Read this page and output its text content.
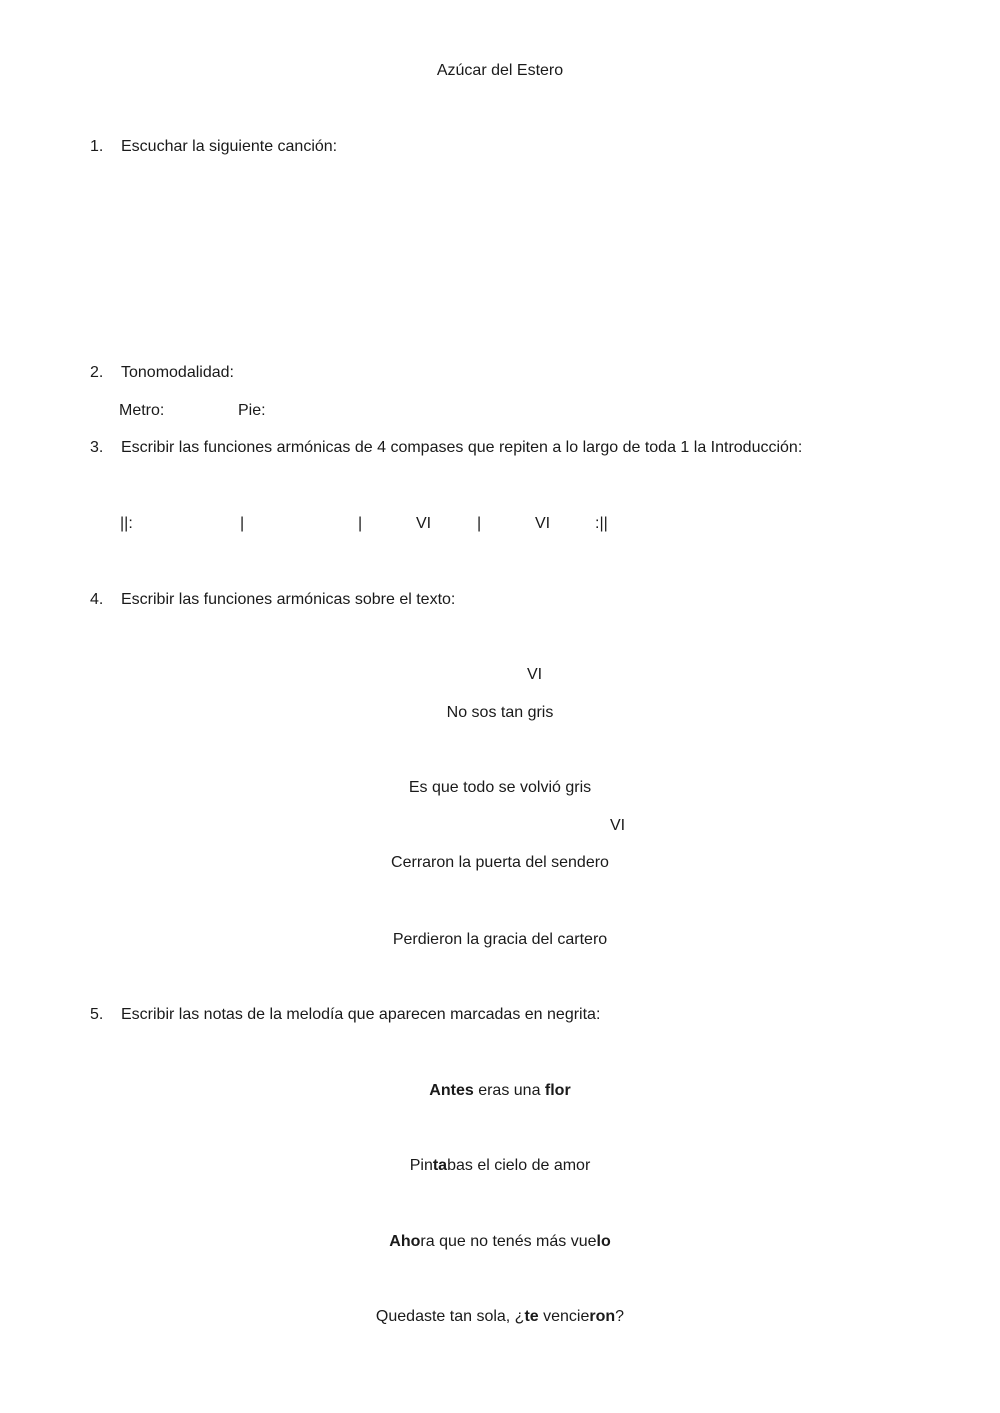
Azúcar del Estero
1. Escuchar la siguiente canción:
2. Tonomodalidad:
Metro:	Pie:
3. Escribir las funciones armónicas de 4 compases que repiten a lo largo de toda 1 la Introducción:
||:	|	|	VI	|	VI	:||
4. Escribir las funciones armónicas sobre el texto:
VI
No sos tan gris
Es que todo se volvió gris
VI
Cerraron la puerta del sendero
Perdieron la gracia del cartero
5. Escribir las notas de la melodía que aparecen marcadas en negrita:
Antes eras una flor
Pintabas el cielo de amor
Ahora que no tenés más vuelo
Quedaste tan sola, ¿te vencieron?
